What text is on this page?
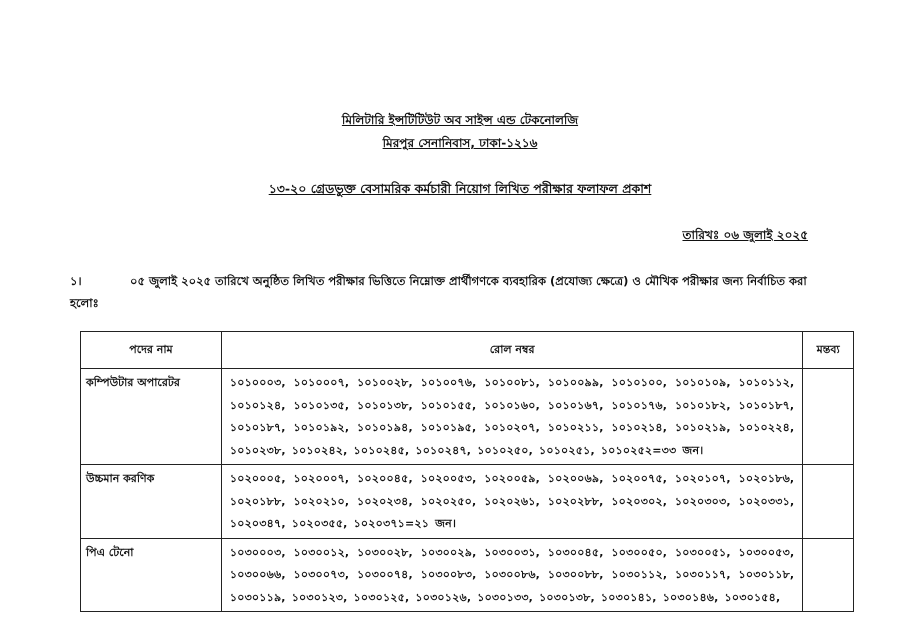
মিলিটারি ইন্সটিটিউট অব সাইন্স এন্ড টেকনোলজি
মিরপুর সেনানিবাস, ঢাকা-১২১৬
১৩-২০ গ্রেডভুক্ত বেসামরিক কর্মচারী নিয়োগ লিখিত পরীক্ষার ফলাফল প্রকাশ
তারিখঃ ০৬ জুলাই ২০২৫
১।	০৫ জুলাই ২০২৫ তারিখে অনুষ্ঠিত লিখিত পরীক্ষার ভিত্তিতে নিম্নোক্ত প্রার্থীগণকে ব্যবহারিক (প্রযোজ্য ক্ষেত্রে) ও মৌখিক পরীক্ষার জন্য নির্বাচিত করা হলোঃ
পদের নাম	রোল নম্বর	মন্তব্য
কম্পিউটার অপারেটর	১০১০০০৩, ১০১০০০৭, ১০১০০২৮, ১০১০০৭৬, ১০১০০৮১, ১০১০০৯৯, ১০১০১০০, ১০১০১০৯, ১০১০১১২, ১০১০১২৪, ১০১০১৩৫, ১০১০১৩৮, ১০১০১৫৫, ১০১০১৬০, ১০১০১৬৭, ১০১০১৭৬, ১০১০১৮২, ১০১০১৮৭, ১০১০১৮৭, ১০১০১৯২, ১০১০১৯৪, ১০১০১৯৫, ১০১০২০৭, ১০১০২১১, ১০১০২১৪, ১০১০২১৯, ১০১০২২৪, ১০১০২৩৮, ১০১০২৪২, ১০১০২৪৫, ১০১০২৪৭, ১০১০২৫০, ১০১০২৫১, ১০১০২৫২=৩৩ জন।	
উচ্চমান করণিক	১০২০০০৫, ১০২০০০৭, ১০২০০৪৫, ১০২০০৫৩, ১০২০০৫৯, ১০২০০৬৯, ১০২০০৭৫, ১০২০১০৭, ১০২০১৮৬, ১০২০১৮৮, ১০২০২১০, ১০২০২৩৪, ১০২০২৫০, ১০২০২৬১, ১০২০২৮৮, ১০২০৩০২, ১০২০৩০৩, ১০২০৩৩১, ১০২০৩৪৭, ১০২০৩৫৫, ১০২০৩৭১=২১ জন।	
পিএ টেনো	১০৩০০০৩, ১০৩০০১২, ১০৩০০২৮, ১০৩০০২৯, ১০৩০০৩১, ১০৩০০৪৫, ১০৩০০৫০, ১০৩০০৫১, ১০৩০০৫৩, ১০৩০০৬৬, ১০৩০০৭৩, ১০৩০০৭৪, ১০৩০০৮৩, ১০৩০০৮৬, ১০৩০০৮৮, ১০৩০১১২, ১০৩০১১৭, ১০৩০১১৮, ১০৩০১১৯, ১০৩০১২৩, ১০৩০১২৫, ১০৩০১২৬, ১০৩০১৩৩, ১০৩০১৩৮, ১০৩০১৪১, ১০৩০১৪৬, ১০৩০১৫৪,	
